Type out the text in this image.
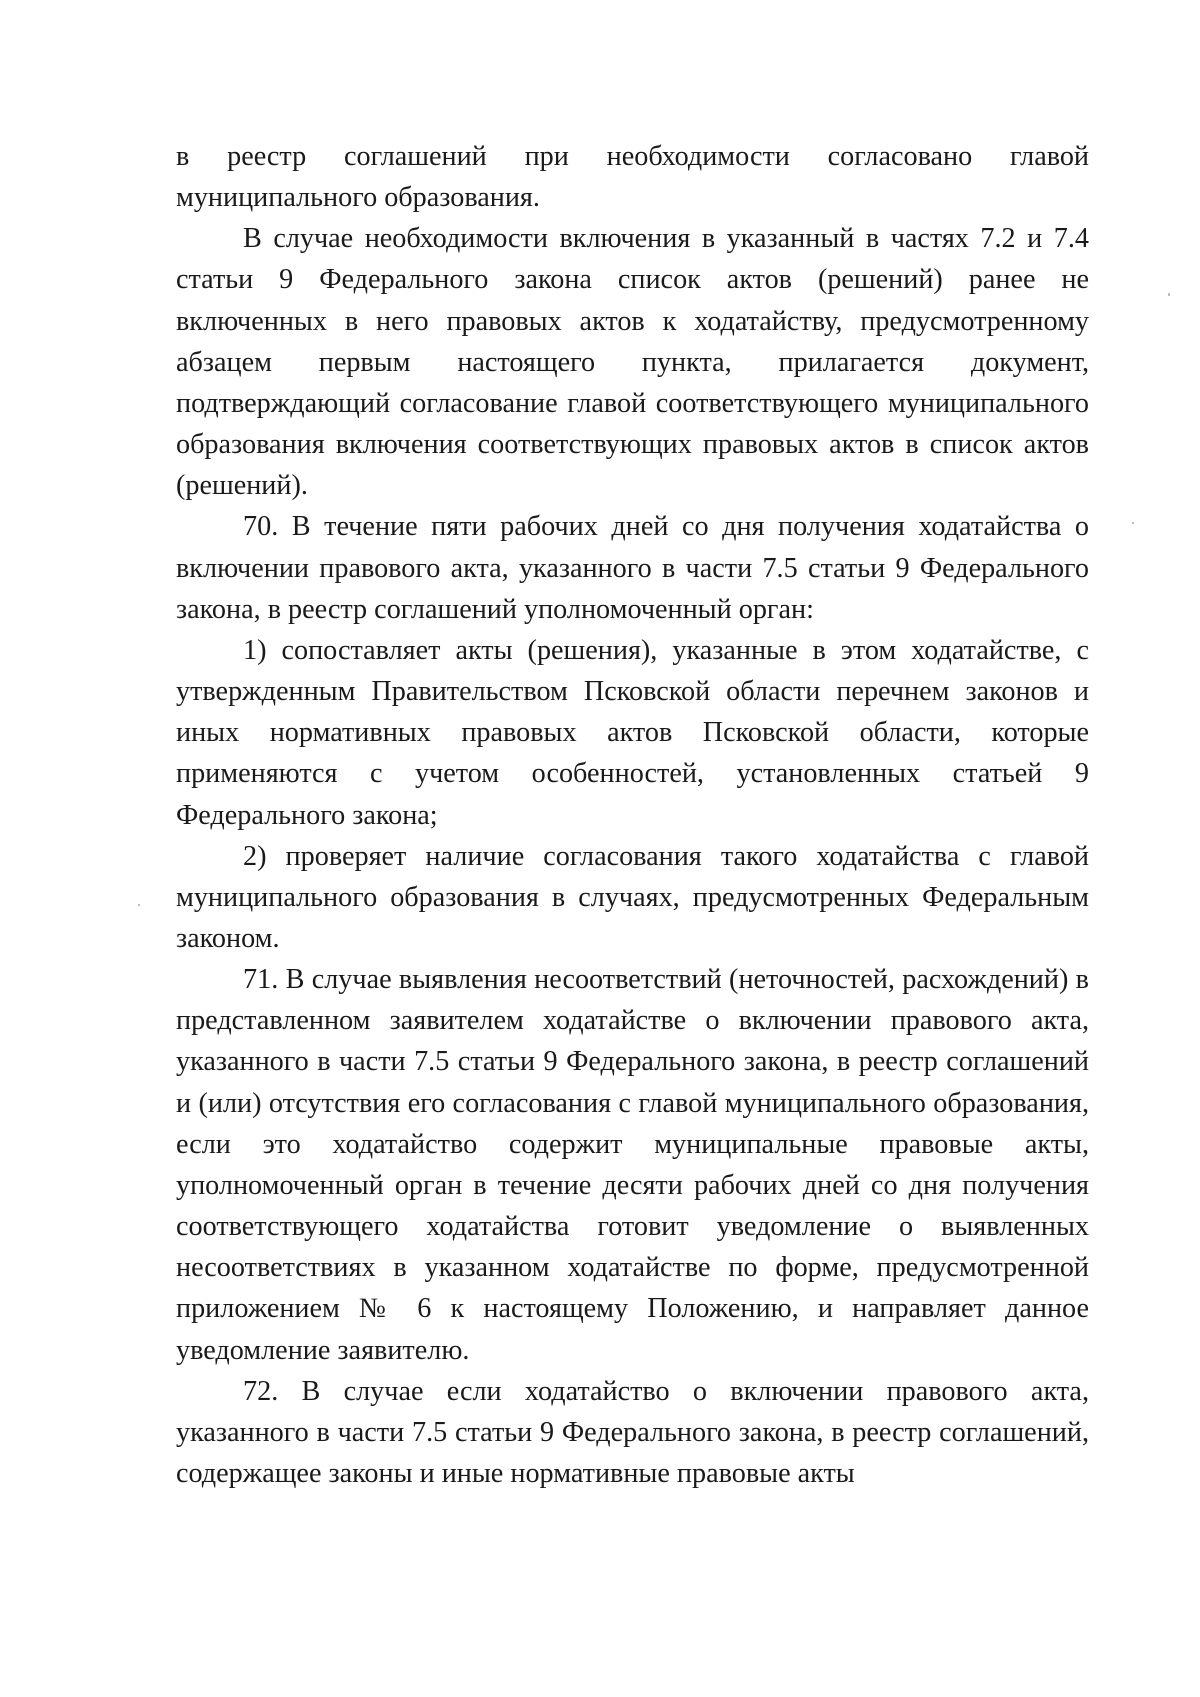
в реестр соглашений при необходимости согласовано главой муниципального образования.

В случае необходимости включения в указанный в частях 7.2 и 7.4 статьи 9 Федерального закона список актов (решений) ранее не включенных в него правовых актов к ходатайству, предусмотренному абзацем первым настоящего пункта, прилагается документ, подтверждающий согласование главой соответствующего муниципального образования включения соответствующих правовых актов в список актов (решений).

70. В течение пяти рабочих дней со дня получения ходатайства о включении правового акта, указанного в части 7.5 статьи 9 Федерального закона, в реестр соглашений уполномоченный орган:

1) сопоставляет акты (решения), указанные в этом ходатайстве, с утвержденным Правительством Псковской области перечнем законов и иных нормативных правовых актов Псковской области, которые применяются с учетом особенностей, установленных статьей 9 Федерального закона;

2) проверяет наличие согласования такого ходатайства с главой муниципального образования в случаях, предусмотренных Федеральным законом.

71. В случае выявления несоответствий (неточностей, расхождений) в представленном заявителем ходатайстве о включении правового акта, указанного в части 7.5 статьи 9 Федерального закона, в реестр соглашений и (или) отсутствия его согласования с главой муниципального образования, если это ходатайство содержит муниципальные правовые акты, уполномоченный орган в течение десяти рабочих дней со дня получения соответствующего ходатайства готовит уведомление о выявленных несоответствиях в указанном ходатайстве по форме, предусмотренной приложением № 6 к настоящему Положению, и направляет данное уведомление заявителю.

72. В случае если ходатайство о включении правового акта, указанного в части 7.5 статьи 9 Федерального закона, в реестр соглашений, содержащее законы и иные нормативные правовые акты
